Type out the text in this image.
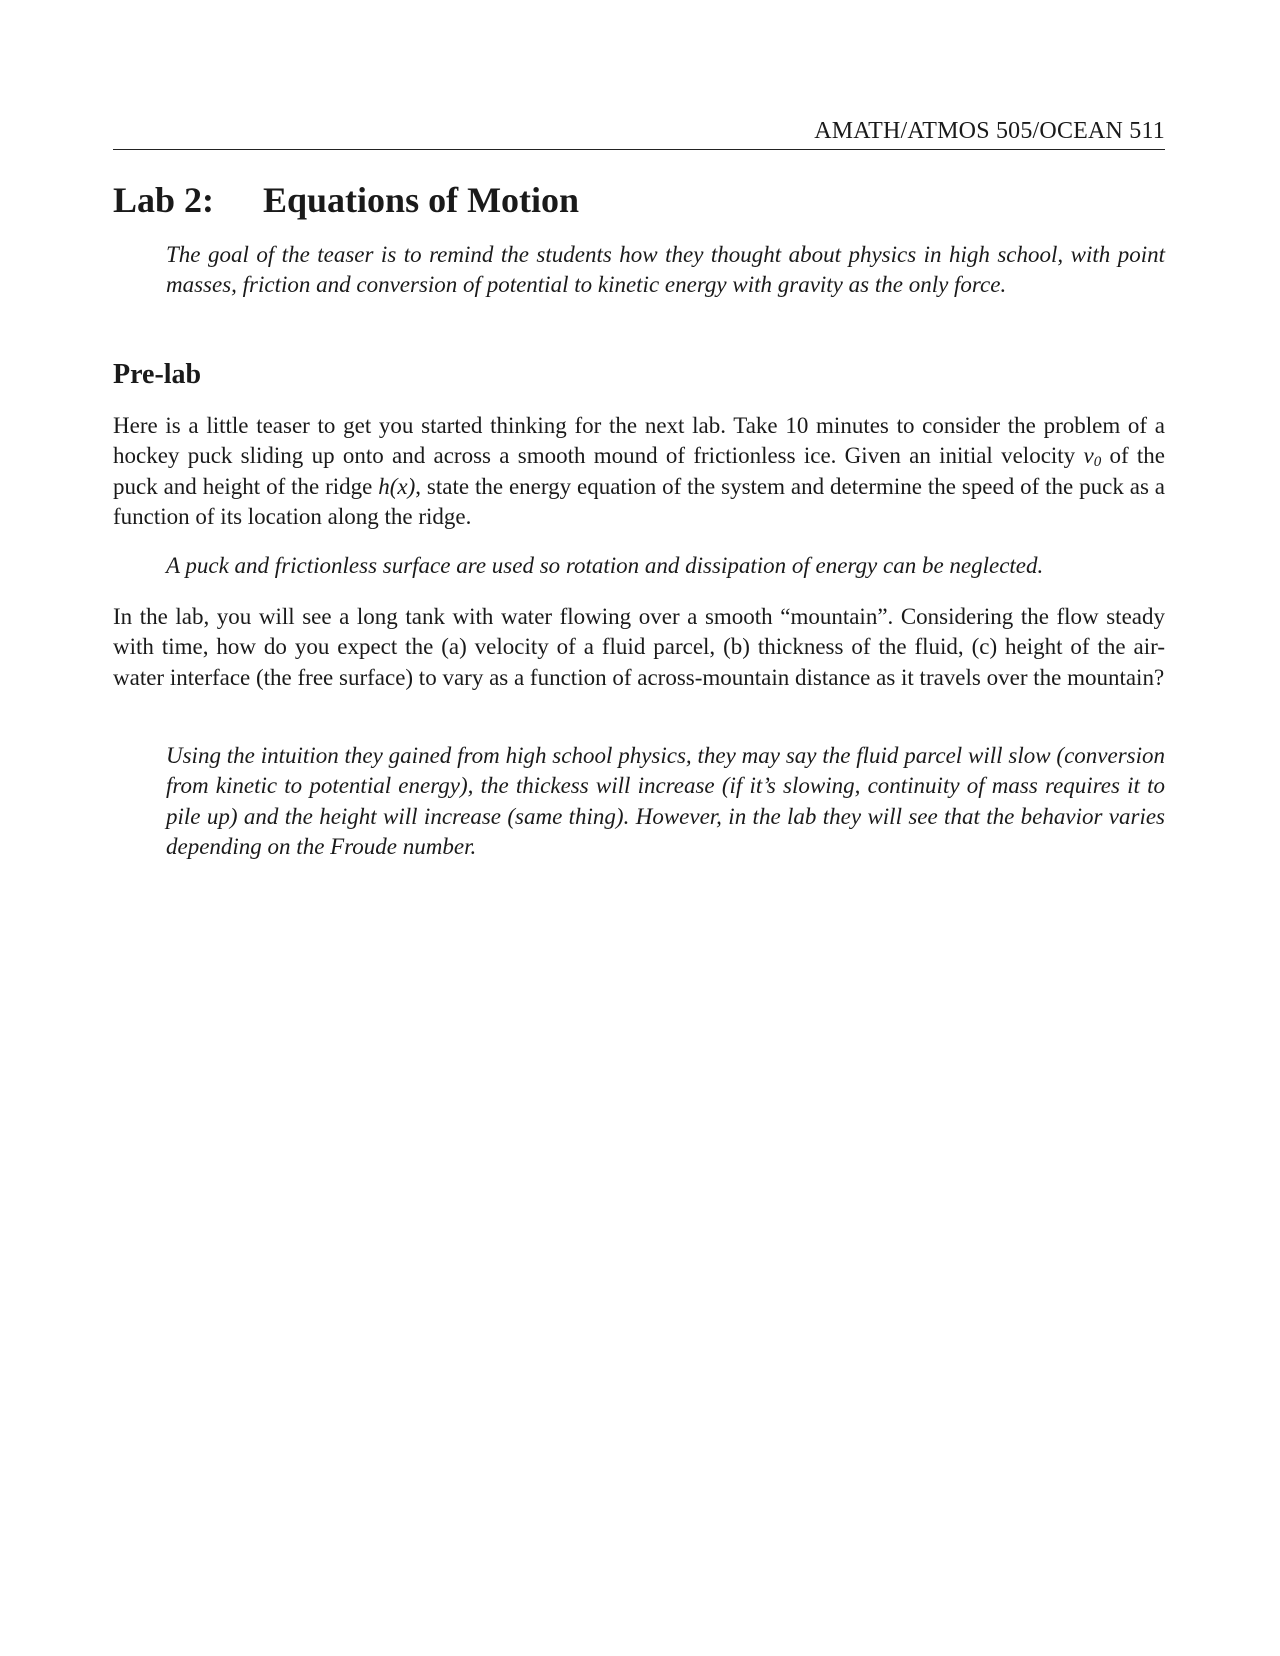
AMATH/ATMOS 505/OCEAN 511
Lab 2: Equations of Motion

The goal of the teaser is to remind the students how they thought about physics in high school, with point masses, friction and conversion of potential to kinetic energy with gravity as the only force.

Pre-lab

Here is a little teaser to get you started thinking for the next lab. Take 10 minutes to consider the problem of a hockey puck sliding up onto and across a smooth mound of frictionless ice. Given an initial velocity $v_0$ of the puck and height of the ridge h(x), state the energy equation of the system and determine the speed of the puck as a function of its location along the ridge.

A puck and frictionless surface are used so rotation and dissipation of energy can be neglected.

In the lab, you will see a long tank with water flowing over a smooth “mountain”. Considering the flow steady with time, how do you expect the (a) velocity of a fluid parcel, (b) thickness of the fluid, (c) height of the air-water interface (the free surface) to vary as a function of across-mountain distance as it travels over the mountain?

Using the intuition they gained from high school physics, they may say the fluid parcel will slow (conversion from kinetic to potential energy), the thickess will increase (if it’s slowing, continuity of mass requires it to pile up) and the height will increase (same thing). However, in the lab they will see that the behavior varies depending on the Froude number.
